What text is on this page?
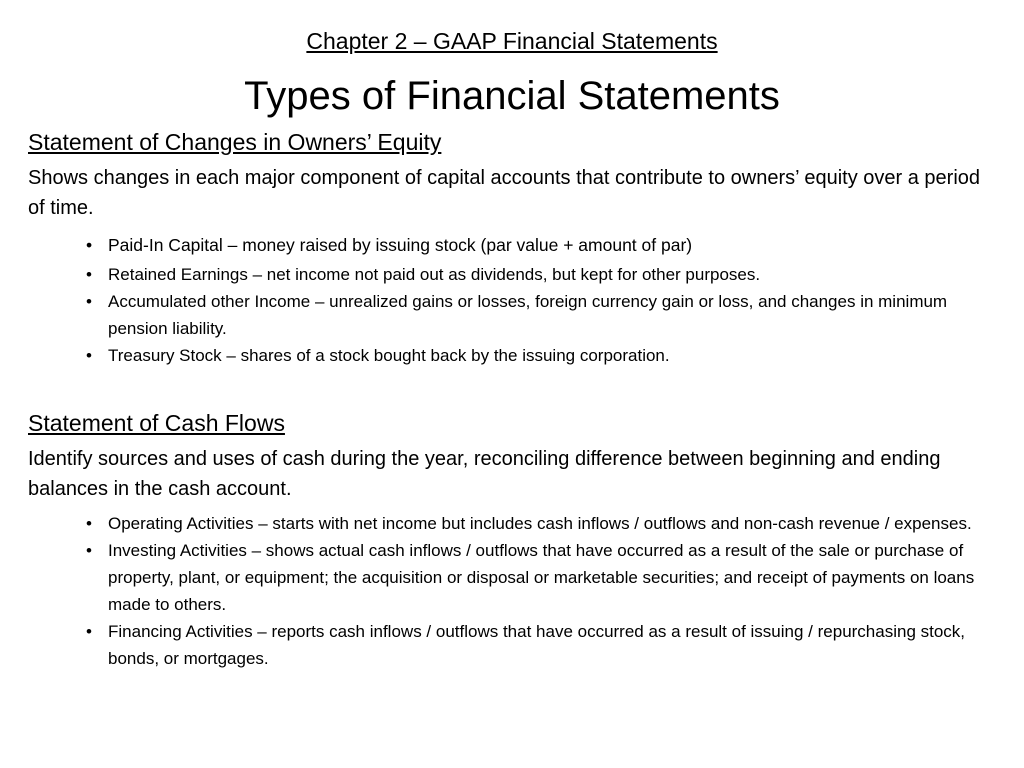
Chapter 2 – GAAP Financial Statements
Types of Financial Statements

Statement of Changes in Owners’ Equity

Shows changes in each major component of capital accounts that contribute to owners’ equity over a period of time.

• Paid-In Capital – money raised by issuing stock (par value + amount of par)
• Retained Earnings – net income not paid out as dividends, but kept for other purposes.
• Accumulated other Income – unrealized gains or losses, foreign currency gain or loss, and changes in minimum pension liability.
• Treasury Stock – shares of a stock bought back by the issuing corporation.

Statement of Cash Flows

Identify sources and uses of cash during the year, reconciling difference between beginning and ending balances in the cash account.

• Operating Activities – starts with net income but includes cash inflows / outflows and non-cash revenue / expenses.
• Investing Activities – shows actual cash inflows / outflows that have occurred as a result of the sale or purchase of property, plant, or equipment; the acquisition or disposal or marketable securities; and receipt of payments on loans made to others.
• Financing Activities – reports cash inflows / outflows that have occurred as a result of issuing / repurchasing stock, bonds, or mortgages.
